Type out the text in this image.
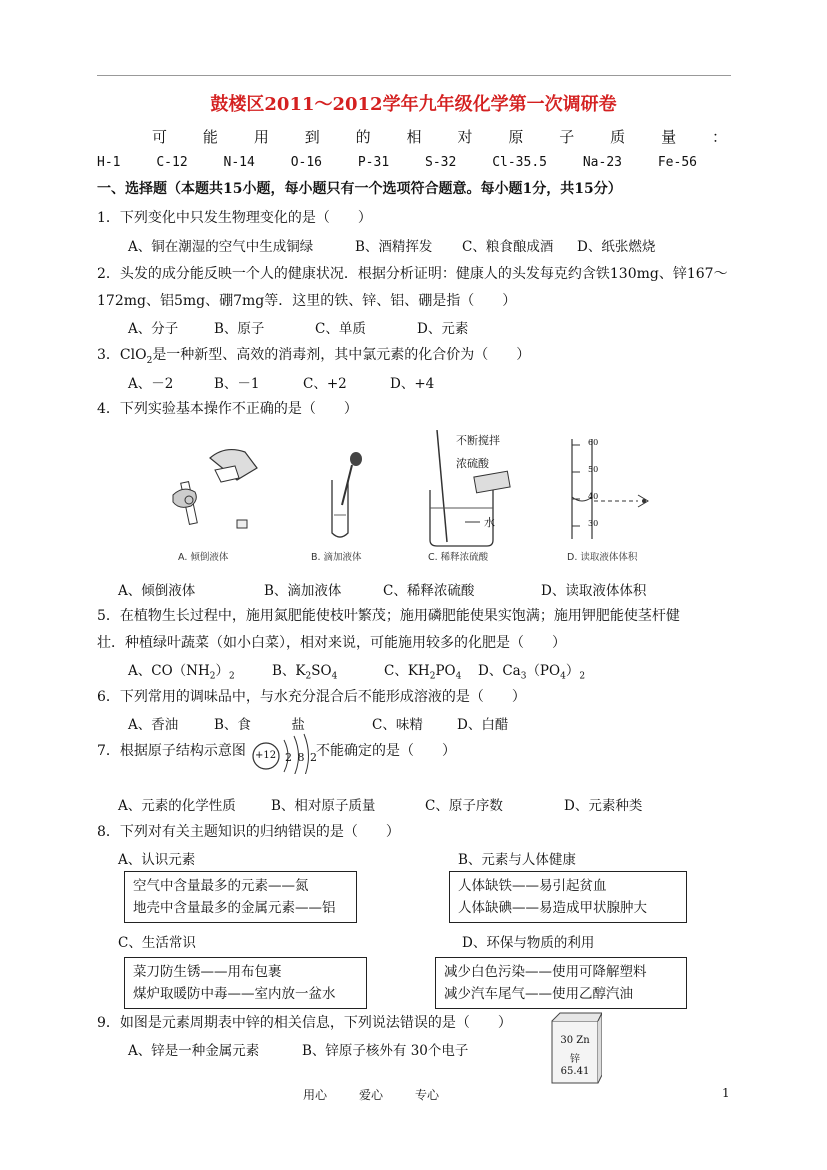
鼓楼区2011～2012学年九年级化学第一次调研卷
可 能 用 到 的 相 对 原 子 质 量 ：
H-1	C-12	N-14	O-16	P-31	S-32	Cl-35.5	Na-23	Fe-56
一、选择题（本题共15小题，每小题只有一个选项符合题意。每小题1分，共15分）
1．下列变化中只发生物理变化的是（　　）
A、铜在潮湿的空气中生成铜绿	B、酒精挥发 C、粮食酿成酒 D、纸张燃烧
2．头发的成分能反映一个人的健康状况．根据分析证明：健康人的头发每克约含铁130mg、锌167～
172mg、铝5mg、硼7mg等．这里的铁、锌、铝、硼是指（　　）
A、分子	B、原子	C、单质	D、元素
3．ClO$_2$是一种新型、高效的消毒剂，其中氯元素的化合价为（　　）
A、－2	B、－1	C、+2	D、+4
4．下列实验基本操作不正确的是（　　）
A. 倾倒液体	B. 滴加液体
不断搅拌
浓硫酸
水
C. 稀释浓硫酸
60
50
40
30
D. 读取液体体积
A、倾倒液体	B、滴加液体	C、稀释浓硫酸	D、读取液体体积
5．在植物生长过程中，施用氮肥能使枝叶繁茂；施用磷肥能使果实饱满；施用钾肥能使茎杆健
壮．种植绿叶蔬菜（如小白菜），相对来说，可能施用较多的化肥是（　　）
A、$CO(NH_2)_2$	B、$K_2SO_4$	C、$KH_2PO_4$ D、$Ca_3(PO_4)_2$
6．下列常用的调味品中，与水充分混合后不能形成溶液的是（　　）
A、香油	B、食　　　盐	C、味精	D、白醋
7．根据原子结构示意图 +12 2 8 2 不能确定的是（　　）
A、元素的化学性质	B、相对原子质量	C、原子序数	D、元素种类
8．下列对有关主题知识的归纳错误的是（　　）
A、认识元素
空气中含量最多的元素——氮
地壳中含量最多的金属元素——铝
B、元素与人体健康
人体缺铁——易引起贫血
人体缺碘——易造成甲状腺肿大
C、生活常识
菜刀防生锈——用布包裹
煤炉取暖防中毒——室内放一盆水
D、环保与物质的利用
减少白色污染——使用可降解塑料
减少汽车尾气——使用乙醇汽油
9．如图是元素周期表中锌的相关信息，下列说法错误的是（　　）
A、锌是一种金属元素	B、锌原子核外有 30个电子
30 Zn
锌
65.41
用心	爱心	专心	1
